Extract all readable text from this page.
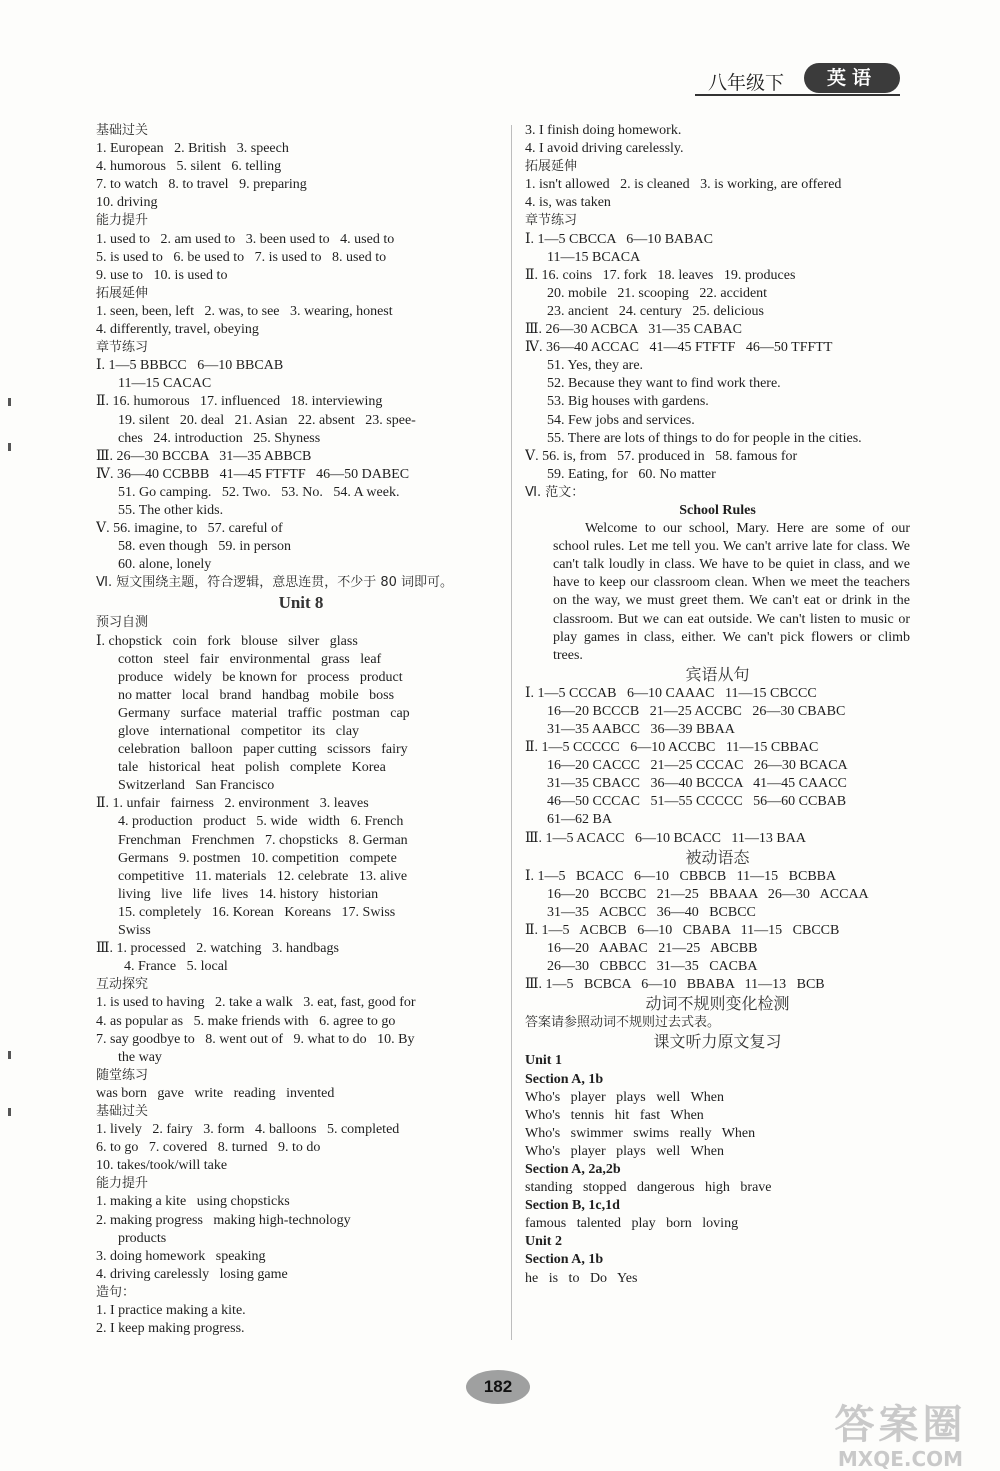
八年级下	英语
基础过关
1. European   2. British   3. speech
4. humorous   5. silent   6. telling
7. to watch   8. to travel   9. preparing
10. driving
能力提升
1. used to   2. am used to   3. been used to   4. used to
5. is used to   6. be used to   7. is used to   8. used to
9. use to   10. is used to
拓展延伸
1. seen, been, left   2. was, to see   3. wearing, honest
4. differently, travel, obeying
章节练习
Ⅰ. 1—5 BBBCC   6—10 BBCAB
11—15 CACAC
Ⅱ. 16. humorous   17. influenced   18. interviewing
19. silent   20. deal   21. Asian   22. absent   23. spee-
ches   24. introduction   25. Shyness
Ⅲ. 26—30 BCCBA   31—35 ABBCB
Ⅳ. 36—40 CCBBB   41—45 FTFTF   46—50 DABEC
51. Go camping.   52. Two.   53. No.   54. A week.
55. The other kids.
Ⅴ. 56. imagine, to   57. careful of
58. even though   59. in person
60. alone, lonely
Ⅵ. 短文围绕主题，符合逻辑，意思连贯，不少于 80 词即可。
Unit 8
预习自测
Ⅰ. chopstick   coin   fork   blouse   silver   glass
cotton   steel   fair   environmental   grass   leaf
produce   widely   be known for   process   product
no matter   local   brand   handbag   mobile   boss
Germany   surface   material   traffic   postman   cap
glove   international   competitor   its   clay
celebration   balloon   paper cutting   scissors   fairy
tale   historical   heat   polish   complete   Korea
Switzerland   San Francisco
Ⅱ. 1. unfair   fairness   2. environment   3. leaves
4. production   product   5. wide   width   6. French
Frenchman   Frenchmen   7. chopsticks   8. German
Germans   9. postmen   10. competition   compete
competitive   11. materials   12. celebrate   13. alive
living   live   life   lives   14. history   historian
15. completely   16. Korean   Koreans   17. Swiss
Swiss
Ⅲ. 1. processed   2. watching   3. handbags
4. France   5. local
互动探究
1. is used to having   2. take a walk   3. eat, fast, good for
4. as popular as   5. make friends with   6. agree to go
7. say goodbye to   8. went out of   9. what to do   10. By
the way
随堂练习
was born   gave   write   reading   invented
基础过关
1. lively   2. fairy   3. form   4. balloons   5. completed
6. to go   7. covered   8. turned   9. to do
10. takes/took/will take
能力提升
1. making a kite   using chopsticks
2. making progress   making high-technology
products
3. doing homework   speaking
4. driving carelessly   losing game
造句：
1. I practice making a kite.
2. I keep making progress.
3. I finish doing homework.
4. I avoid driving carelessly.
拓展延伸
1. isn't allowed   2. is cleaned   3. is working, are offered
4. is, was taken
章节练习
Ⅰ. 1—5 CBCCA   6—10 BABAC
11—15 BCACA
Ⅱ. 16. coins   17. fork   18. leaves   19. produces
20. mobile   21. scooping   22. accident
23. ancient   24. century   25. delicious
Ⅲ. 26—30 ACBCA   31—35 CABAC
Ⅳ. 36—40 ACCAC   41—45 FTFTF   46—50 TFFTT
51. Yes, they are.
52. Because they want to find work there.
53. Big houses with gardens.
54. Few jobs and services.
55. There are lots of things to do for people in the cities.
Ⅴ. 56. is, from   57. produced in   58. famous for
59. Eating, for   60. No matter
Ⅵ. 范文：
School Rules
Welcome to our school, Mary. Here are some of our school rules. Let me tell you. We can't arrive late for class. We can't talk loudly in class. We have to be quiet in class, and we have to keep our classroom clean. When we meet the teachers on the way, we must greet them. We can't eat or drink in the classroom. But we can eat outside. We can't listen to music or play games in class, either. We can't pick flowers or climb trees.
宾语从句
Ⅰ. 1—5 CCCAB   6—10 CAAAC   11—15 CBCCC
16—20 BCCCB   21—25 ACCBC   26—30 CBABC
31—35 AABCC   36—39 BBAA
Ⅱ. 1—5 CCCCC   6—10 ACCBC   11—15 CBBAC
16—20 CACCC   21—25 CCCAC   26—30 BCACA
31—35 CBACC   36—40 BCCCA   41—45 CAACC
46—50 CCCAC   51—55 CCCCC   56—60 CCBAB
61—62 BA
Ⅲ. 1—5 ACACC   6—10 BCACC   11—13 BAA
被动语态
Ⅰ. 1—5   BCACC   6—10   CBBCB   11—15   BCBBA
16—20   BCCBC   21—25   BBAAA   26—30   ACCAA
31—35   ACBCC   36—40   BCBCC
Ⅱ. 1—5   ACBCB   6—10   CBABA   11—15   CBCCB
16—20   AABAC   21—25   ABCBB
26—30   CBBCC   31—35   CACBA
Ⅲ. 1—5   BCBCA   6—10   BBABA   11—13   BCB
动词不规则变化检测
答案请参照动词不规则过去式表。
课文听力原文复习
Unit 1
Section A, 1b
Who's   player   plays   well   When
Who's   tennis   hit   fast   When
Who's   swimmer   swims   really   When
Who's   player   plays   well   When
Section A, 2a,2b
standing   stopped   dangerous   high   brave
Section B, 1c,1d
famous   talented   play   born   loving
Unit 2
Section A, 1b
he   is   to   Do   Yes
182
答案圈
MXQE.COM
